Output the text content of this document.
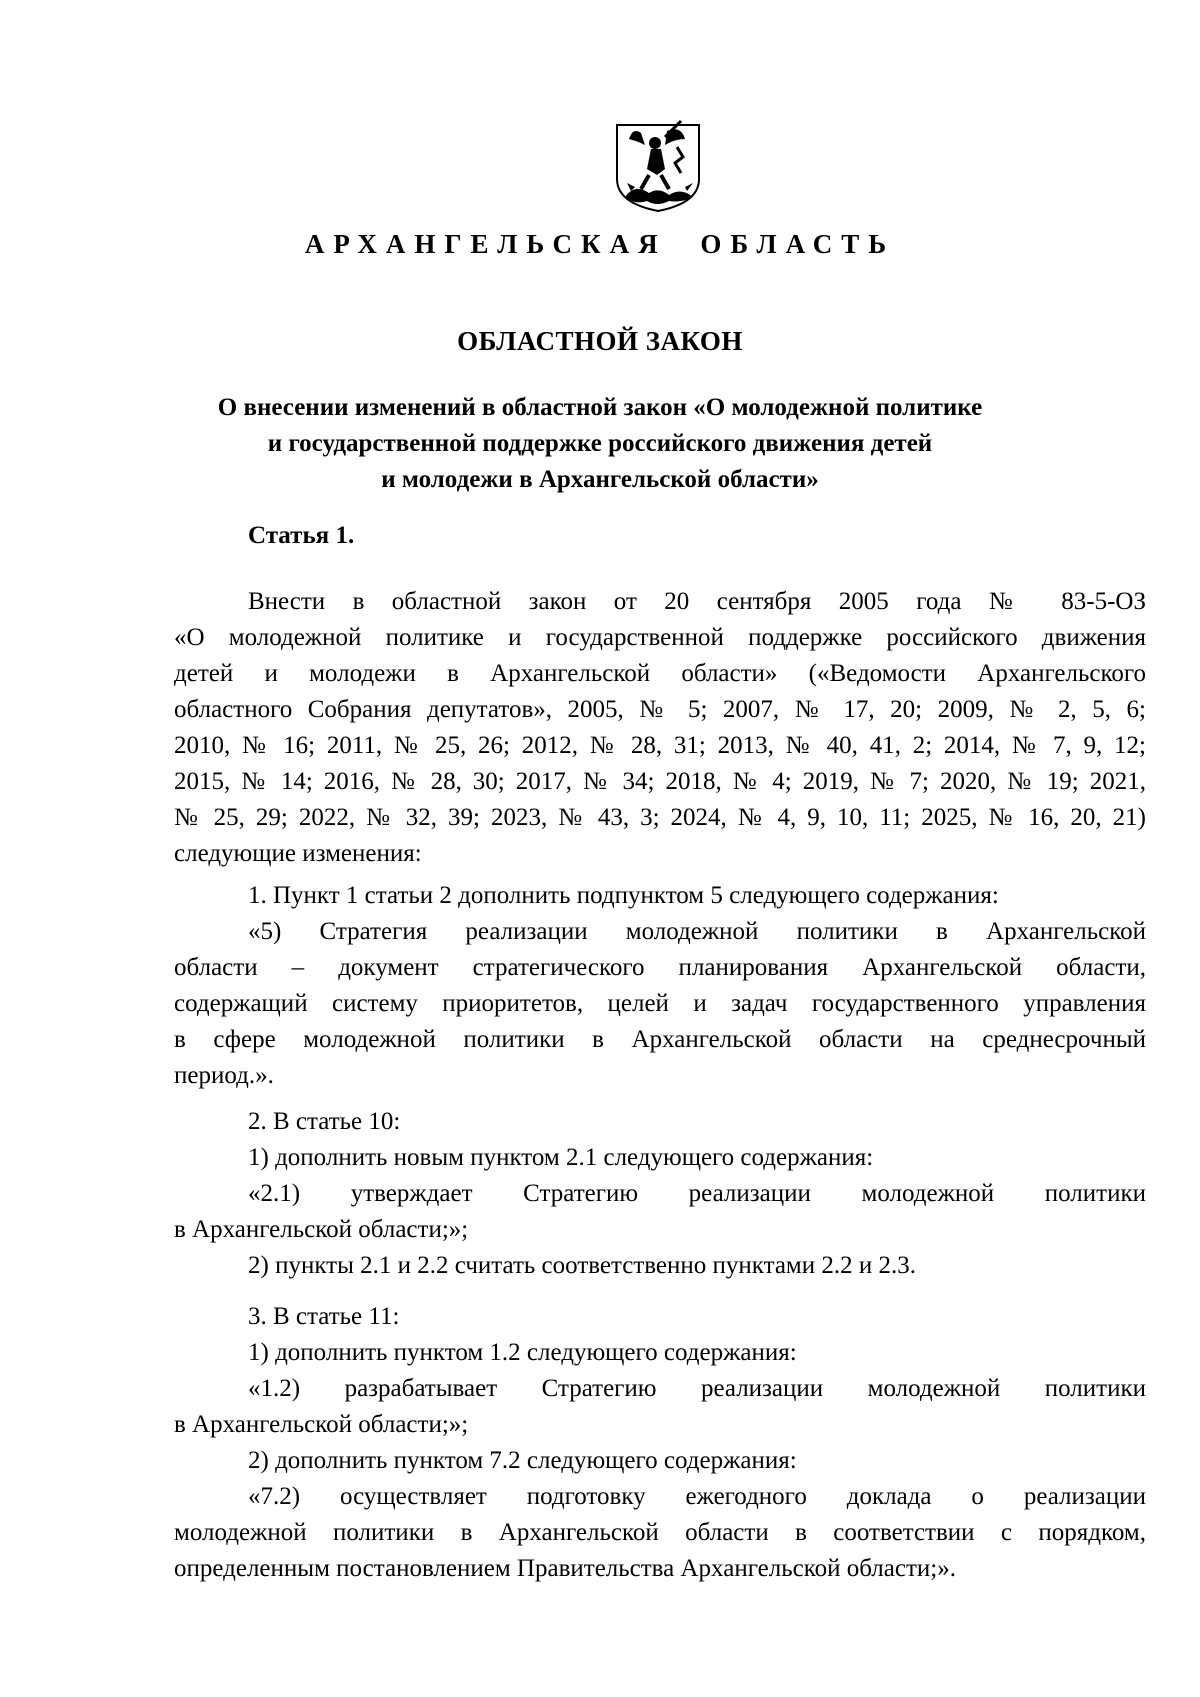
АРХАНГЕЛЬСКАЯ ОБЛАСТЬ
ОБЛАСТНОЙ ЗАКОН
О внесении изменений в областной закон «О молодежной политике
и государственной поддержке российского движения детей
и молодежи в Архангельской области»
Статья 1.
Внести в областной закон от 20 сентября 2005 года № 83-5-ОЗ
«О молодежной политике и государственной поддержке российского движения
детей и молодежи в Архангельской области» («Ведомости Архангельского
областного Собрания депутатов», 2005, № 5; 2007, № 17, 20; 2009, № 2, 5, 6;
2010, № 16; 2011, № 25, 26; 2012, № 28, 31; 2013, № 40, 41, 2; 2014, № 7, 9, 12;
2015, № 14; 2016, № 28, 30; 2017, № 34; 2018, № 4; 2019, № 7; 2020, № 19; 2021,
№ 25, 29; 2022, № 32, 39; 2023, № 43, 3; 2024, № 4, 9, 10, 11; 2025, № 16, 20, 21)
следующие изменения:
1. Пункт 1 статьи 2 дополнить подпунктом 5 следующего содержания:
«5) Стратегия реализации молодежной политики в Архангельской
области – документ стратегического планирования Архангельской области,
содержащий систему приоритетов, целей и задач государственного управления
в сфере молодежной политики в Архангельской области на среднесрочный
период.».
2. В статье 10:
1) дополнить новым пунктом 2.1 следующего содержания:
«2.1) утверждает Стратегию реализации молодежной политики
в Архангельской области;»;
2) пункты 2.1 и 2.2 считать соответственно пунктами 2.2 и 2.3.
3. В статье 11:
1) дополнить пунктом 1.2 следующего содержания:
«1.2) разрабатывает Стратегию реализации молодежной политики
в Архангельской области;»;
2) дополнить пунктом 7.2 следующего содержания:
«7.2) осуществляет подготовку ежегодного доклада о реализации
молодежной политики в Архангельской области в соответствии с порядком,
определенным постановлением Правительства Архангельской области;».
